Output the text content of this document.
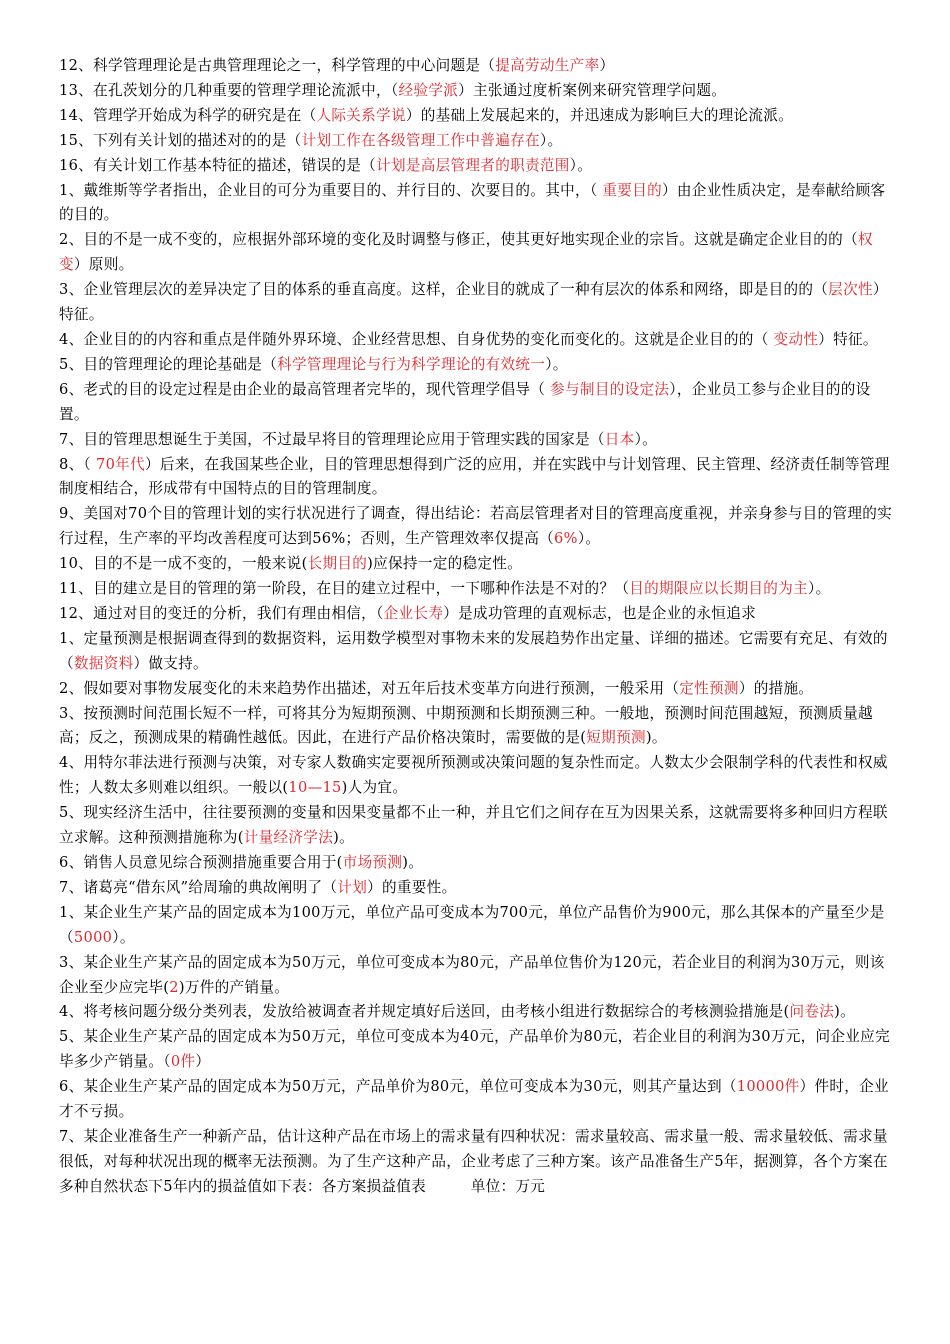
12、科学管理理论是古典管理理论之一，科学管理的中心问题是（提高劳动生产率）

13、在孔茨划分的几种重要的管理学理论流派中，（经验学派）主张通过度析案例来研究管理学问题。

14、管理学开始成为科学的研究是在（人际关系学说）的基础上发展起来的，并迅速成为影响巨大的理论流派。

15、下列有关计划的描述对的的是（计划工作在各级管理工作中普遍存在）。

16、有关计划工作基本特征的描述，错误的是（计划是高层管理者的职责范围）。

1、戴维斯等学者指出，企业目的可分为重要目的、并行目的、次要目的。其中，（ 重要目的）由企业性质决定，是奉献给顾客的目的。

2、目的不是一成不变的，应根据外部环境的变化及时调整与修正，使其更好地实现企业的宗旨。这就是确定企业目的的（权变）原则。

3、企业管理层次的差异决定了目的体系的垂直高度。这样，企业目的就成了一种有层次的体系和网络，即是目的的（层次性）特征。

4、企业目的的内容和重点是伴随外界环境、企业经营思想、自身优势的变化而变化的。这就是企业目的的（ 变动性）特征。

5、目的管理理论的理论基础是（科学管理理论与行为科学理论的有效统一）。

6、老式的目的设定过程是由企业的最高管理者完毕的，现代管理学倡导（ 参与制目的设定法），企业员工参与企业目的的设置。

7、目的管理思想诞生于美国，不过最早将目的管理理论应用于管理实践的国家是（日本）。

8、（ 70年代）后来，在我国某些企业，目的管理思想得到广泛的应用，并在实践中与计划管理、民主管理、经济责任制等管理制度相结合，形成带有中国特点的目的管理制度。

9、美国对70个目的管理计划的实行状况进行了调查，得出结论：若高层管理者对目的管理高度重视，并亲身参与目的管理的实行过程，生产率的平均改善程度可达到56%；否则，生产管理效率仅提高（6%）。

10、目的不是一成不变的，一般来说(长期目的)应保持一定的稳定性。

11、目的建立是目的管理的第一阶段，在目的建立过程中，一下哪种作法是不对的？（目的期限应以长期目的为主）。

12、通过对目的变迁的分析，我们有理由相信，（企业长寿）是成功管理的直观标志，也是企业的永恒追求

1、定量预测是根据调查得到的数据资料，运用数学模型对事物未来的发展趋势作出定量、详细的描述。它需要有充足、有效的（数据资料）做支持。

2、假如要对事物发展变化的未来趋势作出描述，对五年后技术变革方向进行预测，一般采用（定性预测）的措施。

3、按预测时间范围长短不一样，可将其分为短期预测、中期预测和长期预测三种。一般地，预测时间范围越短，预测质量越高；反之，预测成果的精确性越低。因此，在进行产品价格决策时，需要做的是(短期预测)。

4、用特尔菲法进行预测与决策，对专家人数确实定要视所预测或决策问题的复杂性而定。人数太少会限制学科的代表性和权威性；人数太多则难以组织。一般以(10—15)人为宜。

5、现实经济生活中，往往要预测的变量和因果变量都不止一种，并且它们之间存在互为因果关系，这就需要将多种回归方程联立求解。这种预测措施称为(计量经济学法)。

6、销售人员意见综合预测措施重要合用于(市场预测)。

7、诸葛亮“借东风”给周瑜的典故阐明了（计划）的重要性。

1、某企业生产某产品的固定成本为100万元，单位产品可变成本为700元，单位产品售价为900元，那么其保本的产量至少是（5000）。

3、某企业生产某产品的固定成本为50万元，单位可变成本为80元，产品单位售价为120元，若企业目的利润为30万元，则该企业至少应完毕(2)万件的产销量。

4、将考核问题分级分类列表，发放给被调查者并规定填好后送回，由考核小组进行数据综合的考核测验措施是(问卷法)。

5、某企业生产某产品的固定成本为50万元，单位可变成本为40元，产品单价为80元，若企业目的利润为30万元，问企业应完毕多少产销量。（0件）

6、某企业生产某产品的固定成本为50万元，产品单价为80元，单位可变成本为30元，则其产量达到（10000件）件时，企业才不亏损。

7、某企业准备生产一种新产品，估计这种产品在市场上的需求量有四种状况：需求量较高、需求量一般、需求量较低、需求量很低，对每种状况出现的概率无法预测。为了生产这种产品，企业考虑了三种方案。该产品准备生产5年，据测算，各个方案在多种自然状态下5年内的损益值如下表：各方案损益值表　　　单位：万元
